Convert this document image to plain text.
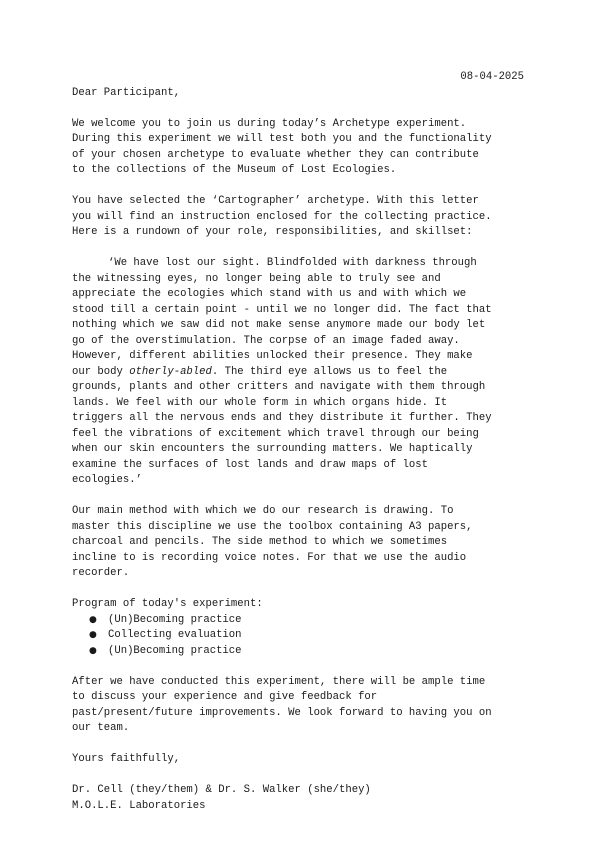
08-04-2025

Dear Participant,

We welcome you to join us during today’s Archetype experiment.
During this experiment we will test both you and the functionality
of your chosen archetype to evaluate whether they can contribute
to the collections of the Museum of Lost Ecologies.

You have selected the ‘Cartographer’ archetype. With this letter
you will find an instruction enclosed for the collecting practice.
Here is a rundown of your role, responsibilities, and skillset:

‘We have lost our sight. Blindfolded with darkness through
the witnessing eyes, no longer being able to truly see and
appreciate the ecologies which stand with us and with which we
stood till a certain point - until we no longer did. The fact that
nothing which we saw did not make sense anymore made our body let
go of the overstimulation. The corpse of an image faded away.
However, different abilities unlocked their presence. They make
our body otherly-abled. The third eye allows us to feel the
grounds, plants and other critters and navigate with them through
lands. We feel with our whole form in which organs hide. It
triggers all the nervous ends and they distribute it further. They
feel the vibrations of excitement which travel through our being
when our skin encounters the surrounding matters. We haptically
examine the surfaces of lost lands and draw maps of lost
ecologies.’

Our main method with which we do our research is drawing. To
master this discipline we use the toolbox containing A3 papers,
charcoal and pencils. The side method to which we sometimes
incline to is recording voice notes. For that we use the audio
recorder.

Program of today's experiment:

● (Un)Becoming practice
● Collecting evaluation
● (Un)Becoming practice

After we have conducted this experiment, there will be ample time
to discuss your experience and give feedback for
past/present/future improvements. We look forward to having you on
our team.

Yours faithfully,

Dr. Cell (they/them) & Dr. S. Walker (she/they)
M.O.L.E. Laboratories
